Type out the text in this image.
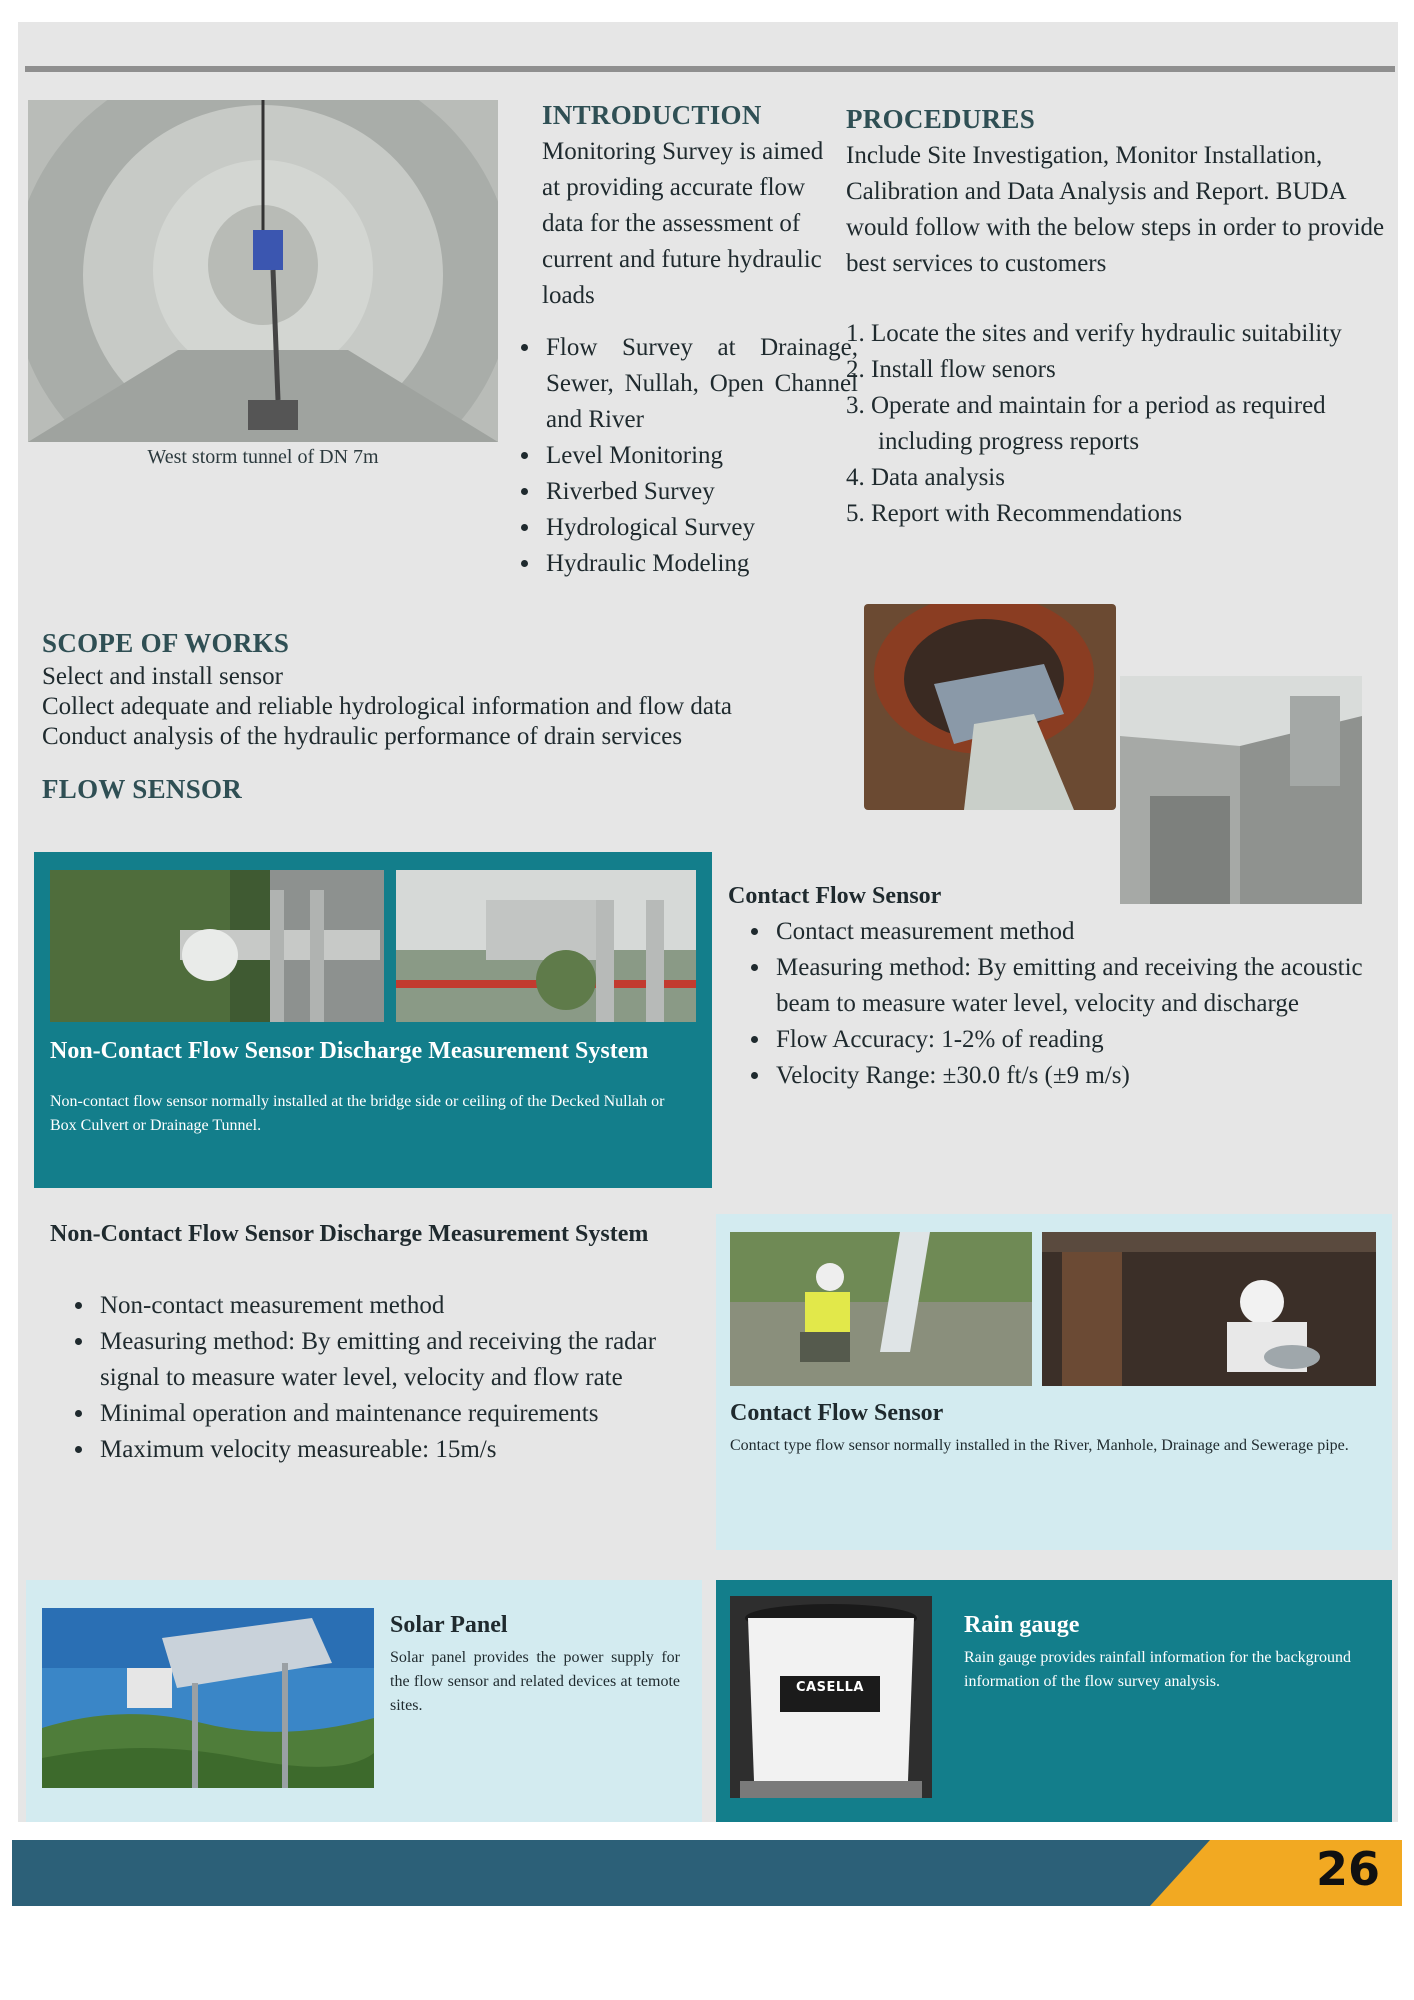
West storm tunnel of DN 7m
INTRODUCTION
Monitoring Survey is aimed at providing accurate flow data for the assessment of current and future hydraulic loads
• Flow Survey at Drainage, Sewer, Nullah, Open Channel and River
• Level Monitoring
• Riverbed Survey
• Hydrological Survey
• Hydraulic Modeling
PROCEDURES
Include Site Investigation, Monitor Installation, Calibration and Data Analysis and Report. BUDA would follow with the below steps in order to provide best services to customers
1. Locate the sites and verify hydraulic suitability
2. Install flow senors
3. Operate and maintain for a period as required
including progress reports
4. Data analysis
5. Report with Recommendations
SCOPE OF WORKS
Select and install sensor
Collect adequate and reliable hydrological information and flow data
Conduct analysis of the hydraulic performance of drain services
FLOW SENSOR
Non-Contact Flow Sensor Discharge Measurement System
Non-contact flow sensor normally installed at the bridge side or ceiling of the Decked Nullah or Box Culvert or Drainage Tunnel.
Contact Flow Sensor
• Contact measurement method
• Measuring method: By emitting and receiving the acoustic beam to measure water level, velocity and discharge
• Flow Accuracy: 1-2% of reading
• Velocity Range: ±30.0 ft/s (±9 m/s)
Non-Contact Flow Sensor Discharge Measurement System
• Non-contact measurement method
• Measuring method: By emitting and receiving the radar signal to measure water level, velocity and flow rate
• Minimal operation and maintenance requirements
• Maximum velocity measureable: 15m/s
Contact Flow Sensor
Contact type flow sensor normally installed in the River, Manhole, Drainage and Sewerage pipe.
Solar Panel
Solar panel provides the power supply for the flow sensor and related devices at temote sites.
CASELLA
Rain gauge
Rain gauge provides rainfall information for the background information of the flow survey analysis.
26
